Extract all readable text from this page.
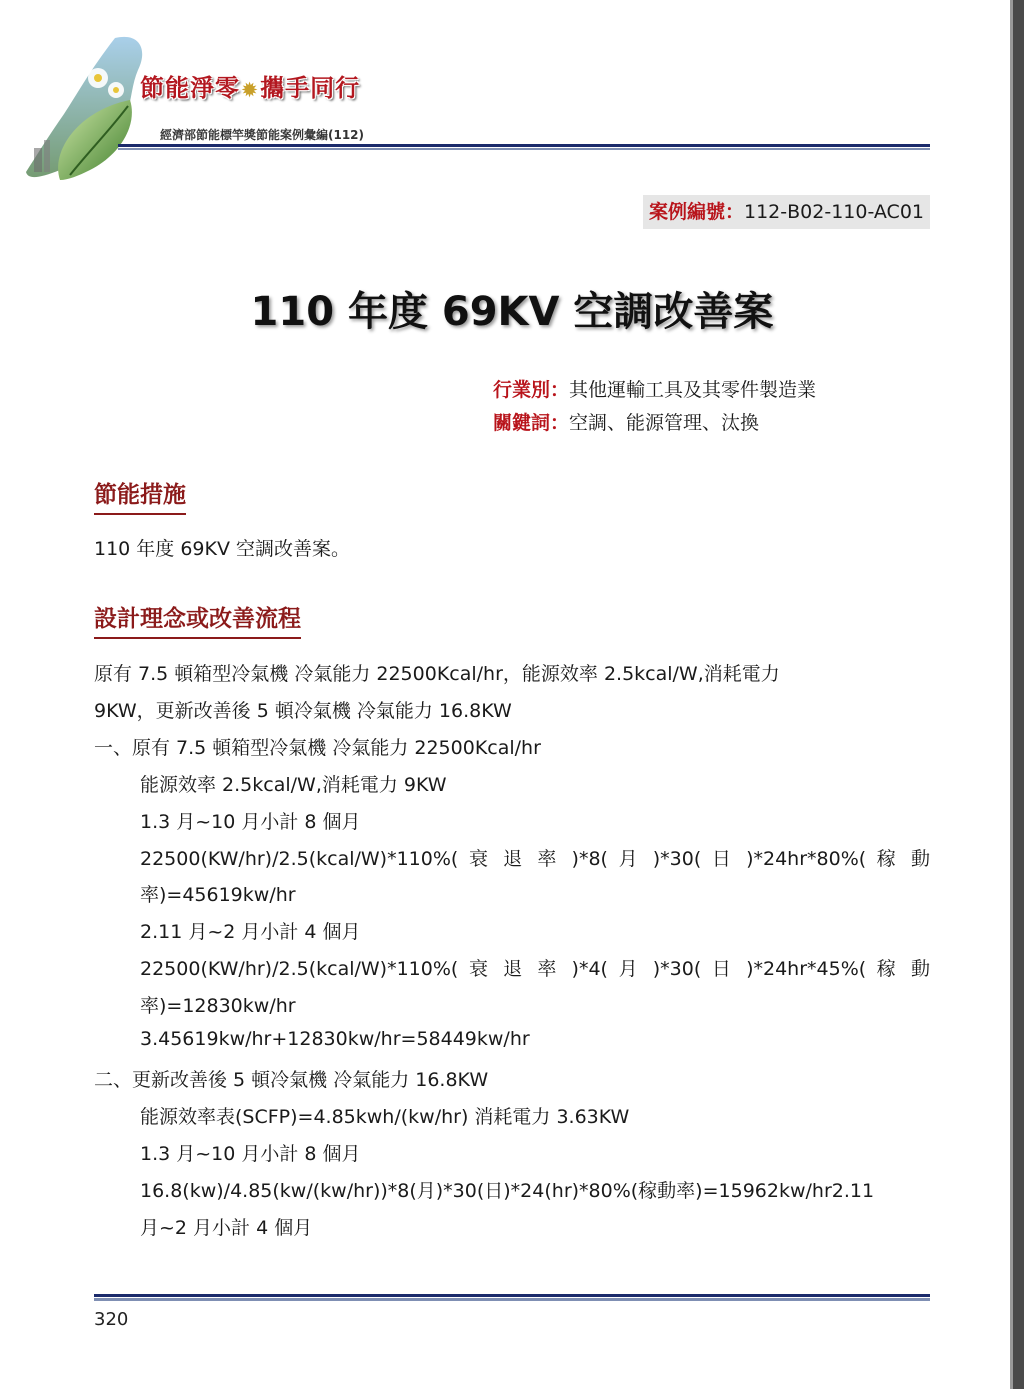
節能淨零 ✹攜手同行
經濟部節能標竿獎節能案例彙編(112)
案例編號：112-B02-110-AC01
110 年度 69KV 空調改善案
行業別：其他運輸工具及其零件製造業
關鍵詞：空調、能源管理、汰換
節能措施
110 年度 69KV 空調改善案。
設計理念或改善流程
原有 7.5 頓箱型冷氣機 冷氣能力 22500Kcal/hr，能源效率 2.5kcal/W,消耗電力
9KW，更新改善後 5 頓冷氣機 冷氣能力 16.8KW
一、原有 7.5 頓箱型冷氣機 冷氣能力 22500Kcal/hr
能源效率 2.5kcal/W,消耗電力 9KW
1.3 月~10 月小計 8 個月
22500(KW/hr)/2.5(kcal/W)*110%( 衰 退 率 )*8( 月 )*30( 日 )*24hr*80%( 稼 動
率)=45619kw/hr
2.11 月~2 月小計 4 個月
22500(KW/hr)/2.5(kcal/W)*110%( 衰 退 率 )*4( 月 )*30( 日 )*24hr*45%( 稼 動
率)=12830kw/hr
3.45619kw/hr+12830kw/hr=58449kw/hr
二、更新改善後 5 頓冷氣機 冷氣能力 16.8KW
能源效率表(SCFP)=4.85kwh/(kw/hr) 消耗電力 3.63KW
1.3 月~10 月小計 8 個月
16.8(kw)/4.85(kw/(kw/hr))*8(月)*30(日)*24(hr)*80%(稼動率)=15962kw/hr2.11
月~2 月小計 4 個月
320
